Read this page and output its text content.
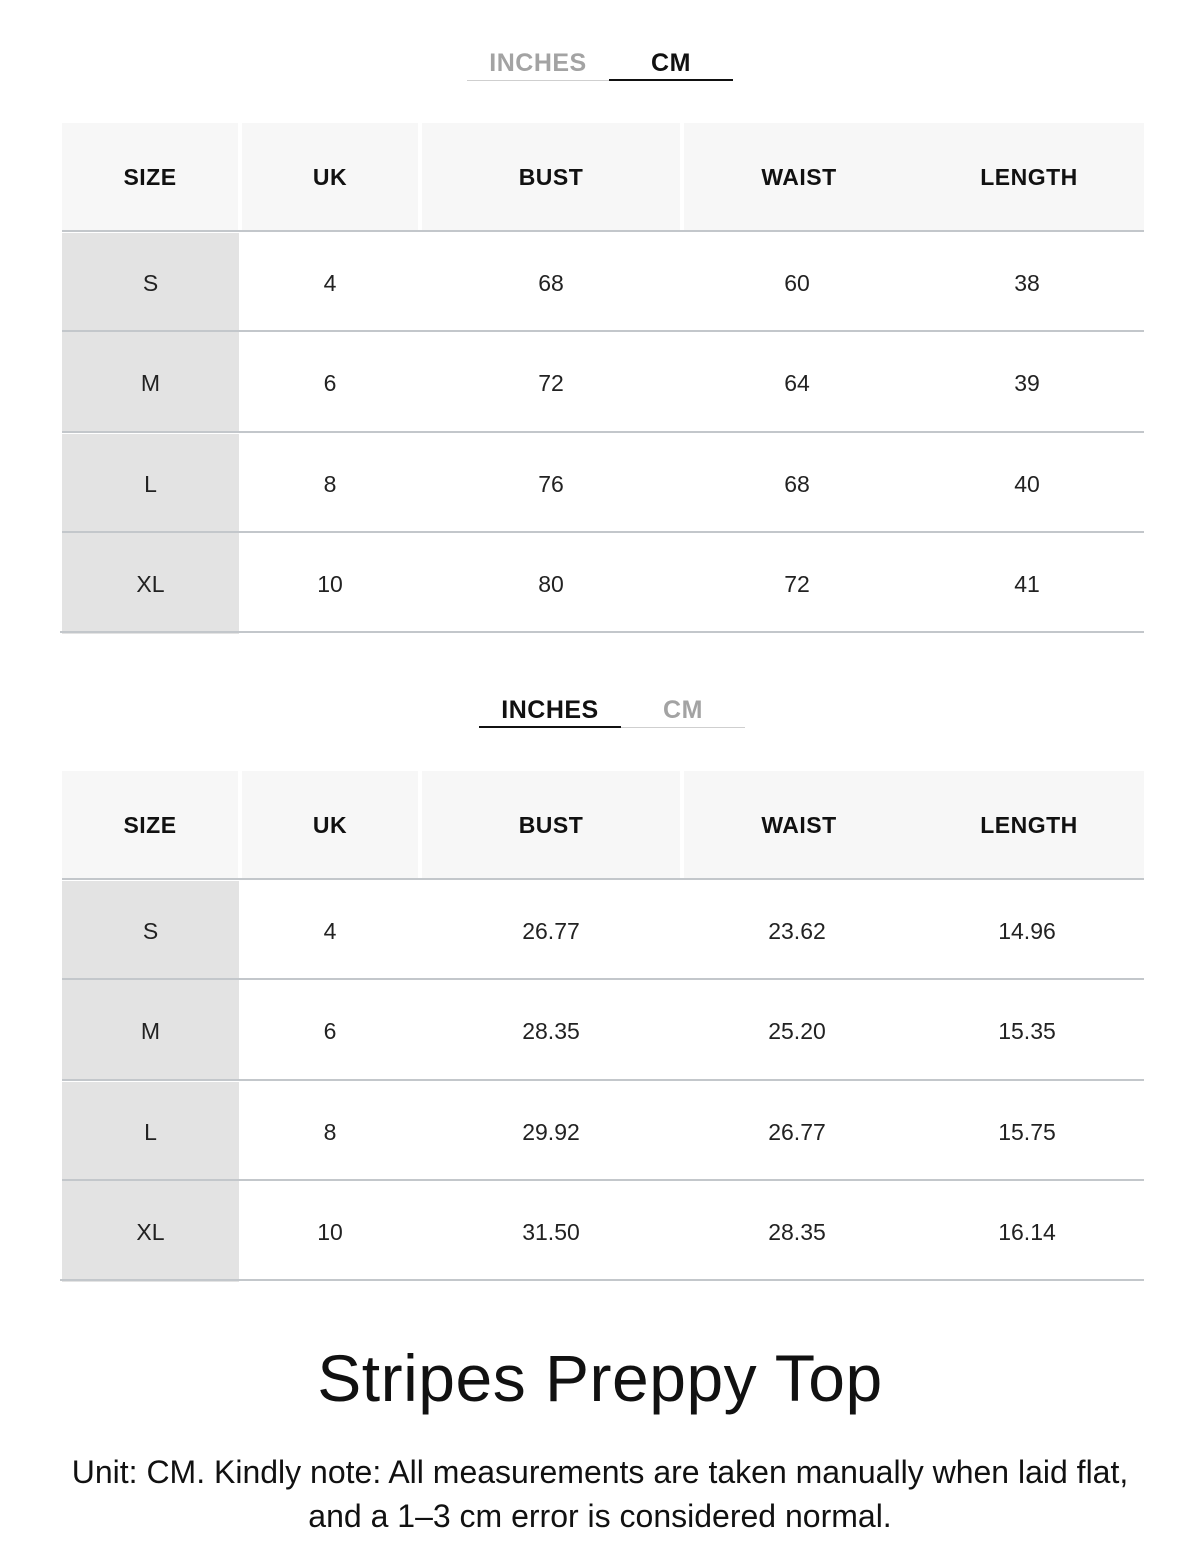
INCHES	CM
SIZE	UK	BUST	WAIST	LENGTH
S	4	68	60	38
M	6	72	64	39
L	8	76	68	40
XL	10	80	72	41
INCHES	CM
SIZE	UK	BUST	WAIST	LENGTH
S	4	26.77	23.62	14.96
M	6	28.35	25.20	15.35
L	8	29.92	26.77	15.75
XL	10	31.50	28.35	16.14
Stripes Preppy Top
Unit: CM. Kindly note: All measurements are taken manually when laid flat, and a 1–3 cm error is considered normal.
